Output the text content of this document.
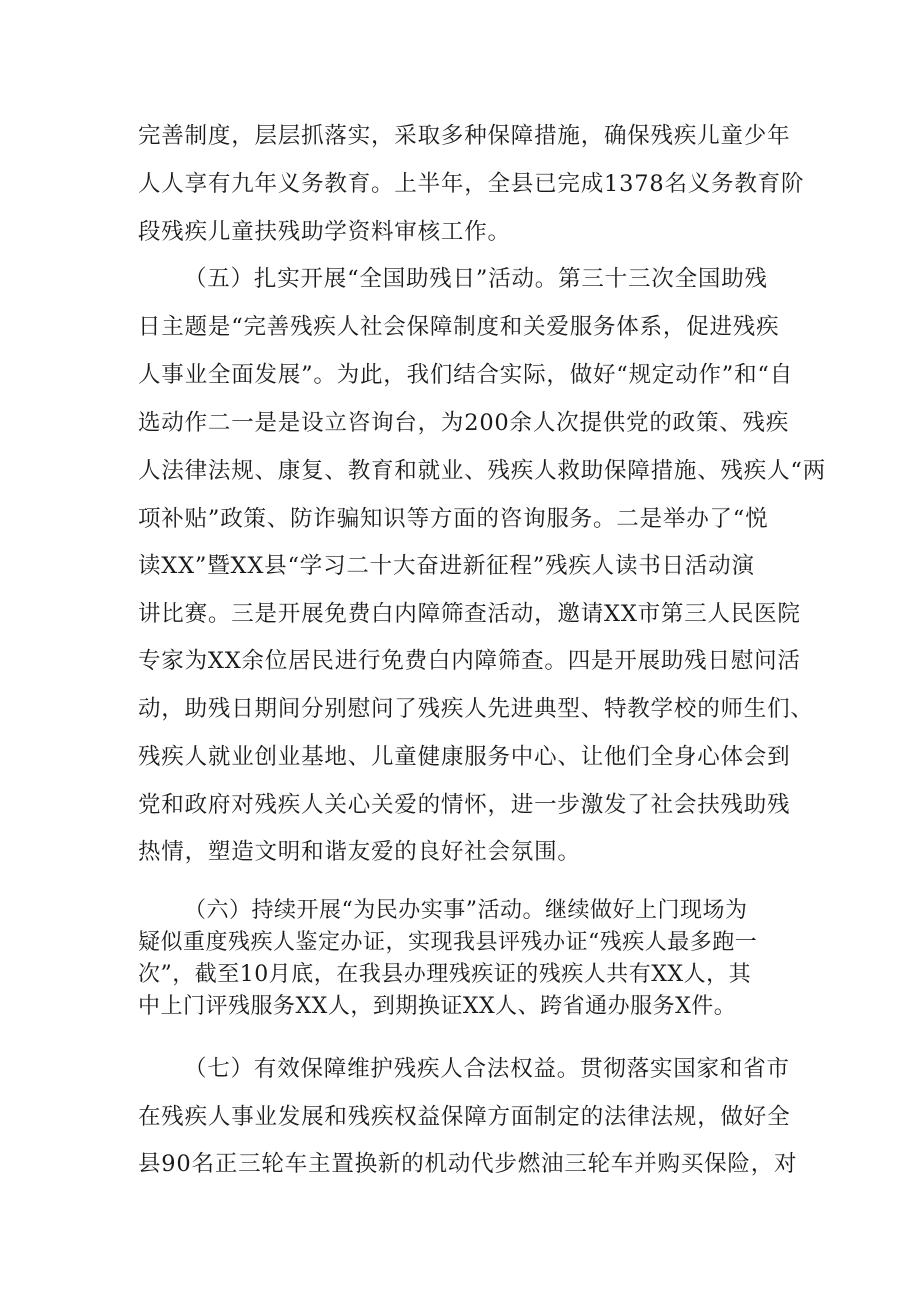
完善制度，层层抓落实，采取多种保障措施，确保残疾儿童少年
人人享有九年义务教育。上半年，全县已完成1378名义务教育阶
段残疾儿童扶残助学资料审核工作。
（五）扎实开展“全国助残日”活动。第三十三次全国助残
日主题是“完善残疾人社会保障制度和关爱服务体系，促进残疾
人事业全面发展”。为此，我们结合实际，做好“规定动作”和“自
选动作二一是是设立咨询台，为200余人次提供党的政策、残疾
人法律法规、康复、教育和就业、残疾人救助保障措施、残疾人“两
项补贴”政策、防诈骗知识等方面的咨询服务。二是举办了“悦
读XX”暨XX县“学习二十大奋进新征程”残疾人读书日活动演
讲比赛。三是开展免费白内障筛查活动，邀请XX市第三人民医院
专家为XX余位居民进行免费白内障筛查。四是开展助残日慰问活
动，助残日期间分别慰问了残疾人先进典型、特教学校的师生们、
残疾人就业创业基地、儿童健康服务中心、让他们全身心体会到
党和政府对残疾人关心关爱的情怀，进一步激发了社会扶残助残
热情，塑造文明和谐友爱的良好社会氛围。
（六）持续开展“为民办实事”活动。继续做好上门现场为
疑似重度残疾人鉴定办证，实现我县评残办证“残疾人最多跑一
次”，截至10月底，在我县办理残疾证的残疾人共有XX人，其
中上门评残服务XX人，到期换证XX人、跨省通办服务X件。
（七）有效保障维护残疾人合法权益。贯彻落实国家和省市
在残疾人事业发展和残疾权益保障方面制定的法律法规，做好全
县90名正三轮车主置换新的机动代步燃油三轮车并购买保险，对
